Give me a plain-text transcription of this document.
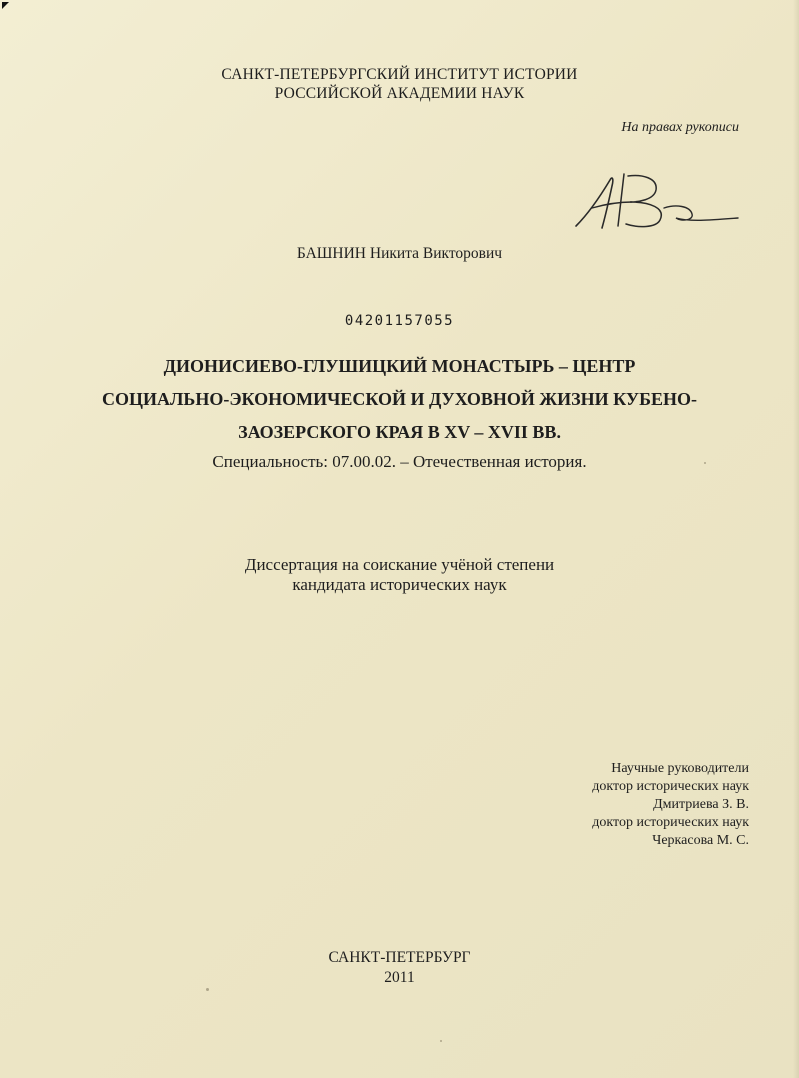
САНКТ-ПЕТЕРБУРГСКИЙ ИНСТИТУТ ИСТОРИИ
РОССИЙСКОЙ АКАДЕМИИ НАУК
На правах рукописи
БАШНИН Никита Викторович
04201157055
ДИОНИСИЕВО-ГЛУШИЦКИЙ МОНАСТЫРЬ – ЦЕНТР
СОЦИАЛЬНО-ЭКОНОМИЧЕСКОЙ И ДУХОВНОЙ ЖИЗНИ КУБЕНО-
ЗАОЗЕРСКОГО КРАЯ В XV – XVII ВВ.
Специальность: 07.00.02. – Отечественная история.
Диссертация на соискание учёной степени
кандидата исторических наук
Научные руководители
доктор исторических наук
Дмитриева З. В.
доктор исторических наук
Черкасова М. С.
САНКТ-ПЕТЕРБУРГ
2011
